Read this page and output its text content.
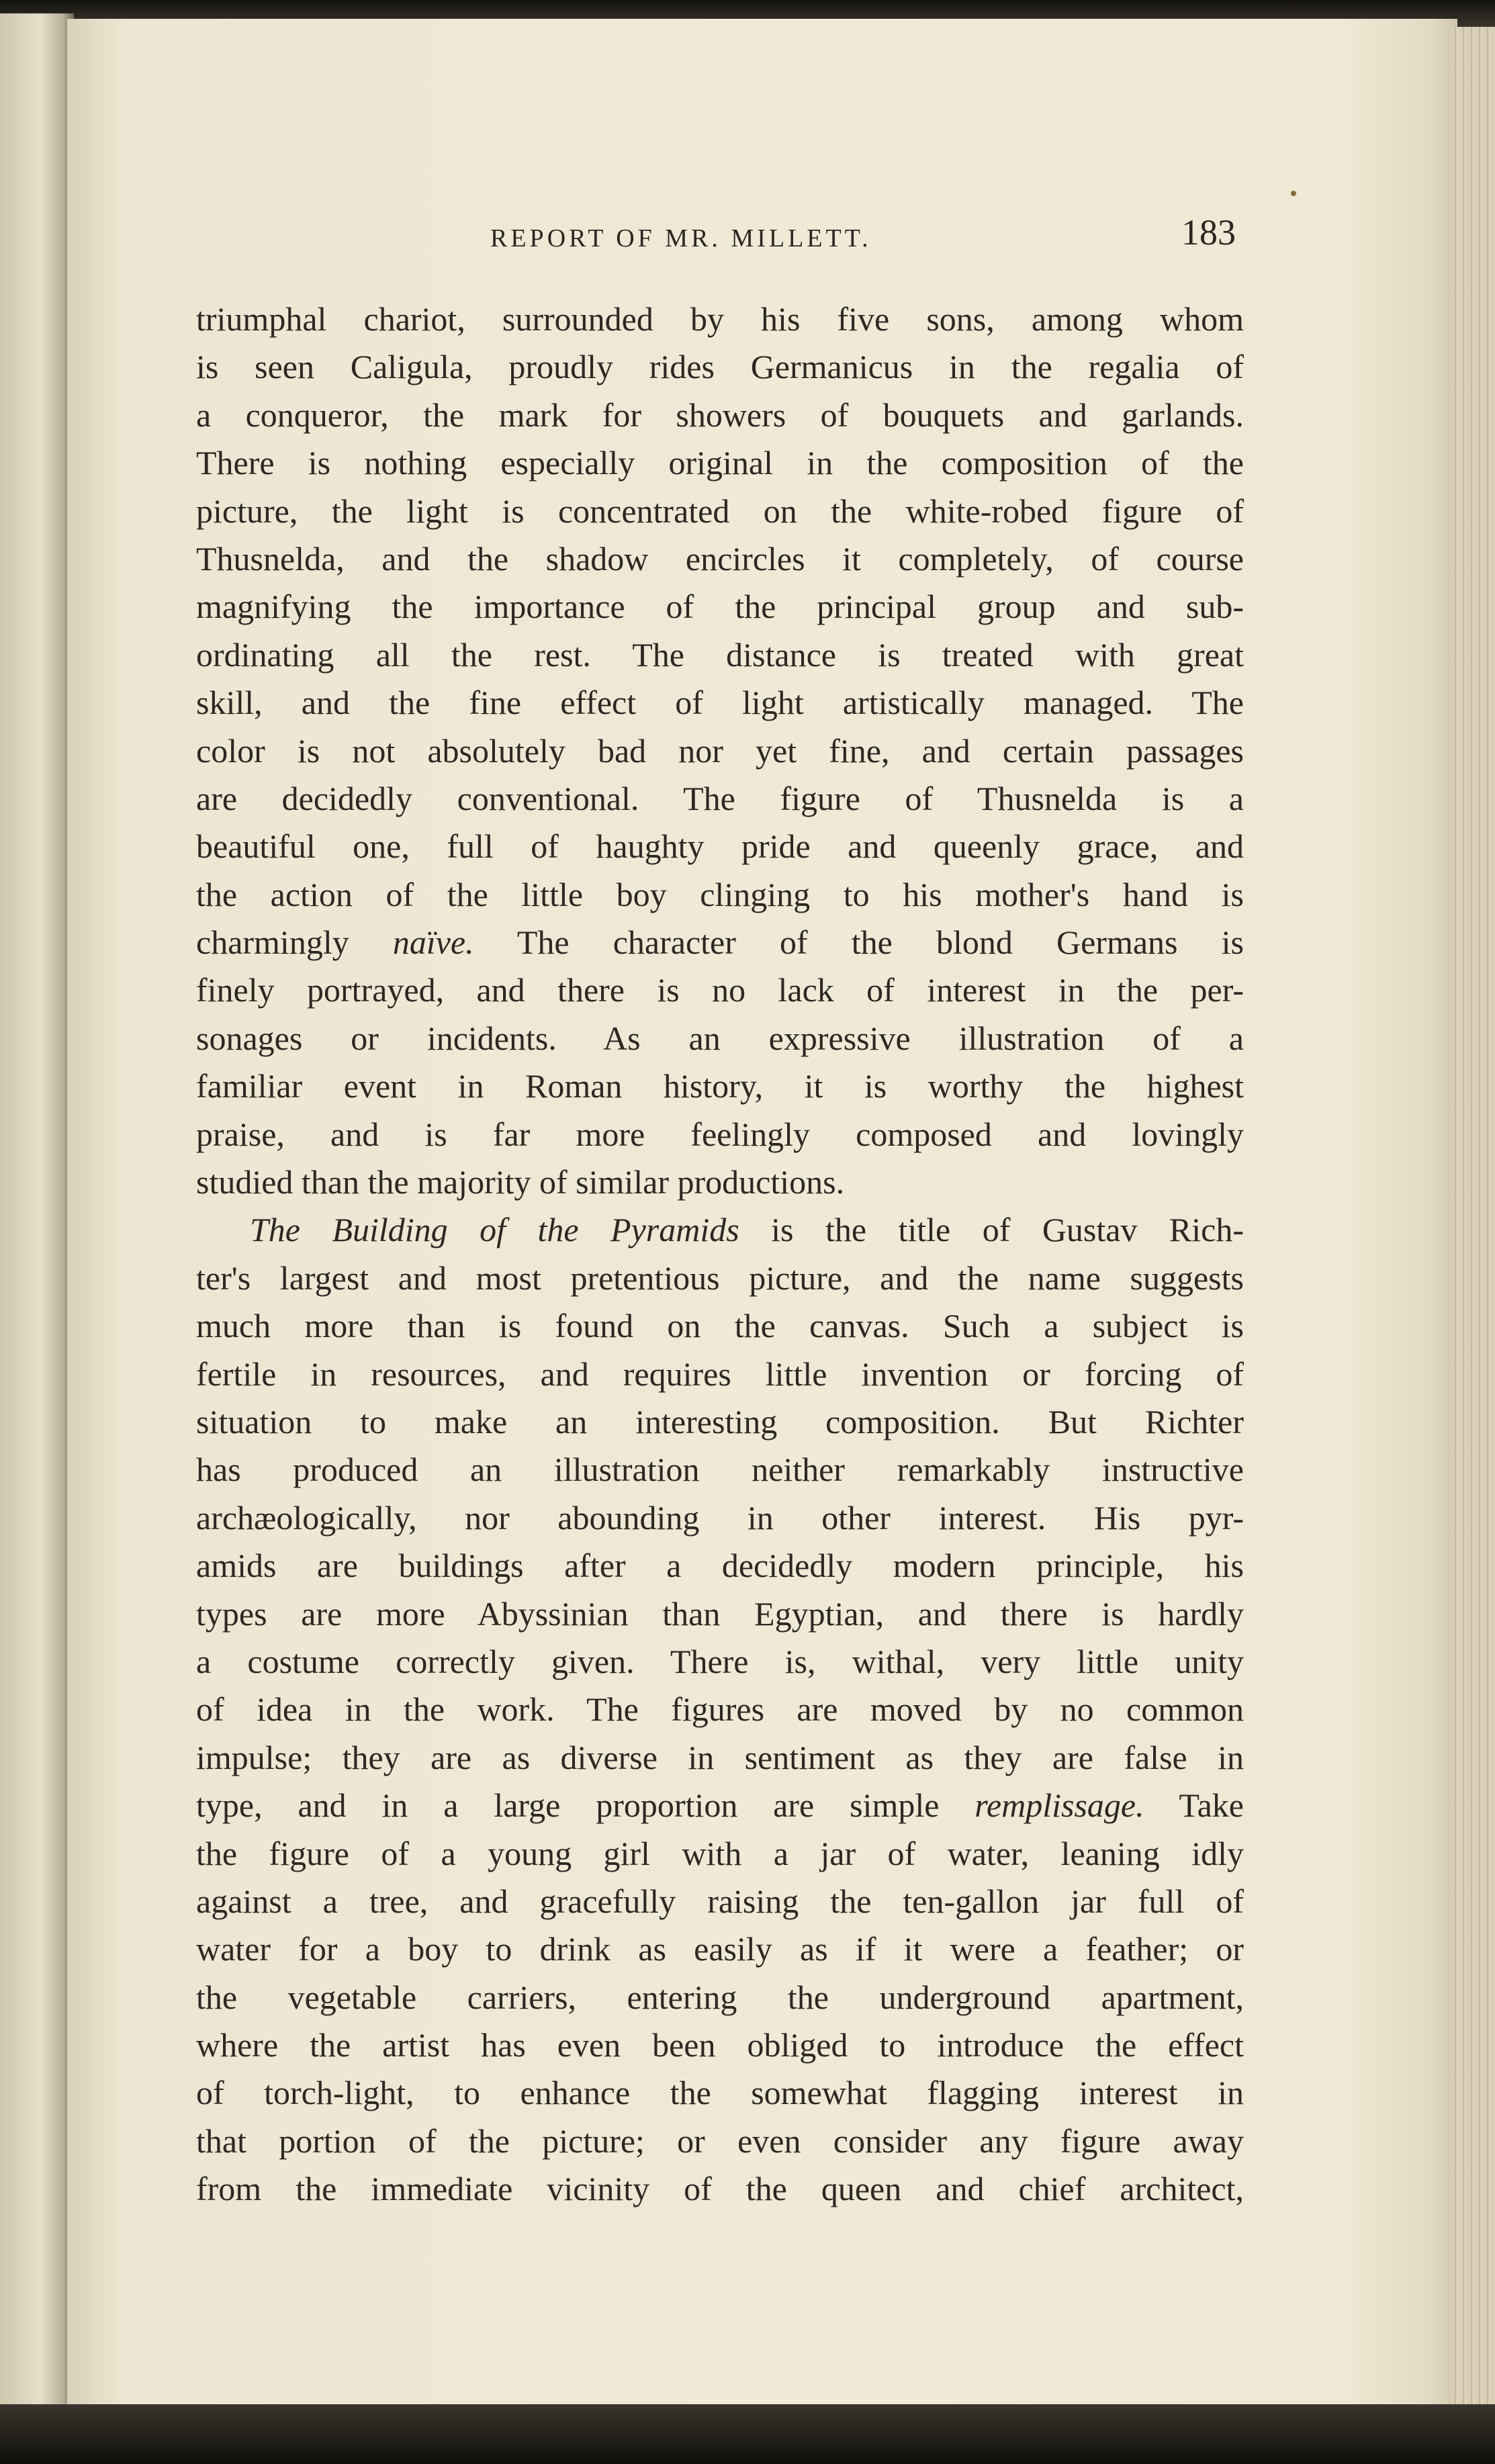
REPORT OF MR. MILLETT.	183
triumphal chariot, surrounded by his five sons, among whom
is seen Caligula, proudly rides Germanicus in the regalia of
a conqueror, the mark for showers of bouquets and garlands.
There is nothing especially original in the composition of the
picture, the light is concentrated on the white-robed figure of
Thusnelda, and the shadow encircles it completely, of course
magnifying the importance of the principal group and sub-
ordinating all the rest. The distance is treated with great
skill, and the fine effect of light artistically managed. The
color is not absolutely bad nor yet fine, and certain passages
are decidedly conventional. The figure of Thusnelda is a
beautiful one, full of haughty pride and queenly grace, and
the action of the little boy clinging to his mother's hand is
charmingly naïve. The character of the blond Germans is
finely portrayed, and there is no lack of interest in the per-
sonages or incidents. As an expressive illustration of a
familiar event in Roman history, it is worthy the highest
praise, and is far more feelingly composed and lovingly
studied than the majority of similar productions.
The Building of the Pyramids is the title of Gustav Rich-
ter's largest and most pretentious picture, and the name suggests
much more than is found on the canvas. Such a subject is
fertile in resources, and requires little invention or forcing of
situation to make an interesting composition. But Richter
has produced an illustration neither remarkably instructive
archæologically, nor abounding in other interest. His pyr-
amids are buildings after a decidedly modern principle, his
types are more Abyssinian than Egyptian, and there is hardly
a costume correctly given. There is, withal, very little unity
of idea in the work. The figures are moved by no common
impulse; they are as diverse in sentiment as they are false in
type, and in a large proportion are simple remplissage. Take
the figure of a young girl with a jar of water, leaning idly
against a tree, and gracefully raising the ten-gallon jar full of
water for a boy to drink as easily as if it were a feather; or
the vegetable carriers, entering the underground apartment,
where the artist has even been obliged to introduce the effect
of torch-light, to enhance the somewhat flagging interest in
that portion of the picture; or even consider any figure away
from the immediate vicinity of the queen and chief architect,
